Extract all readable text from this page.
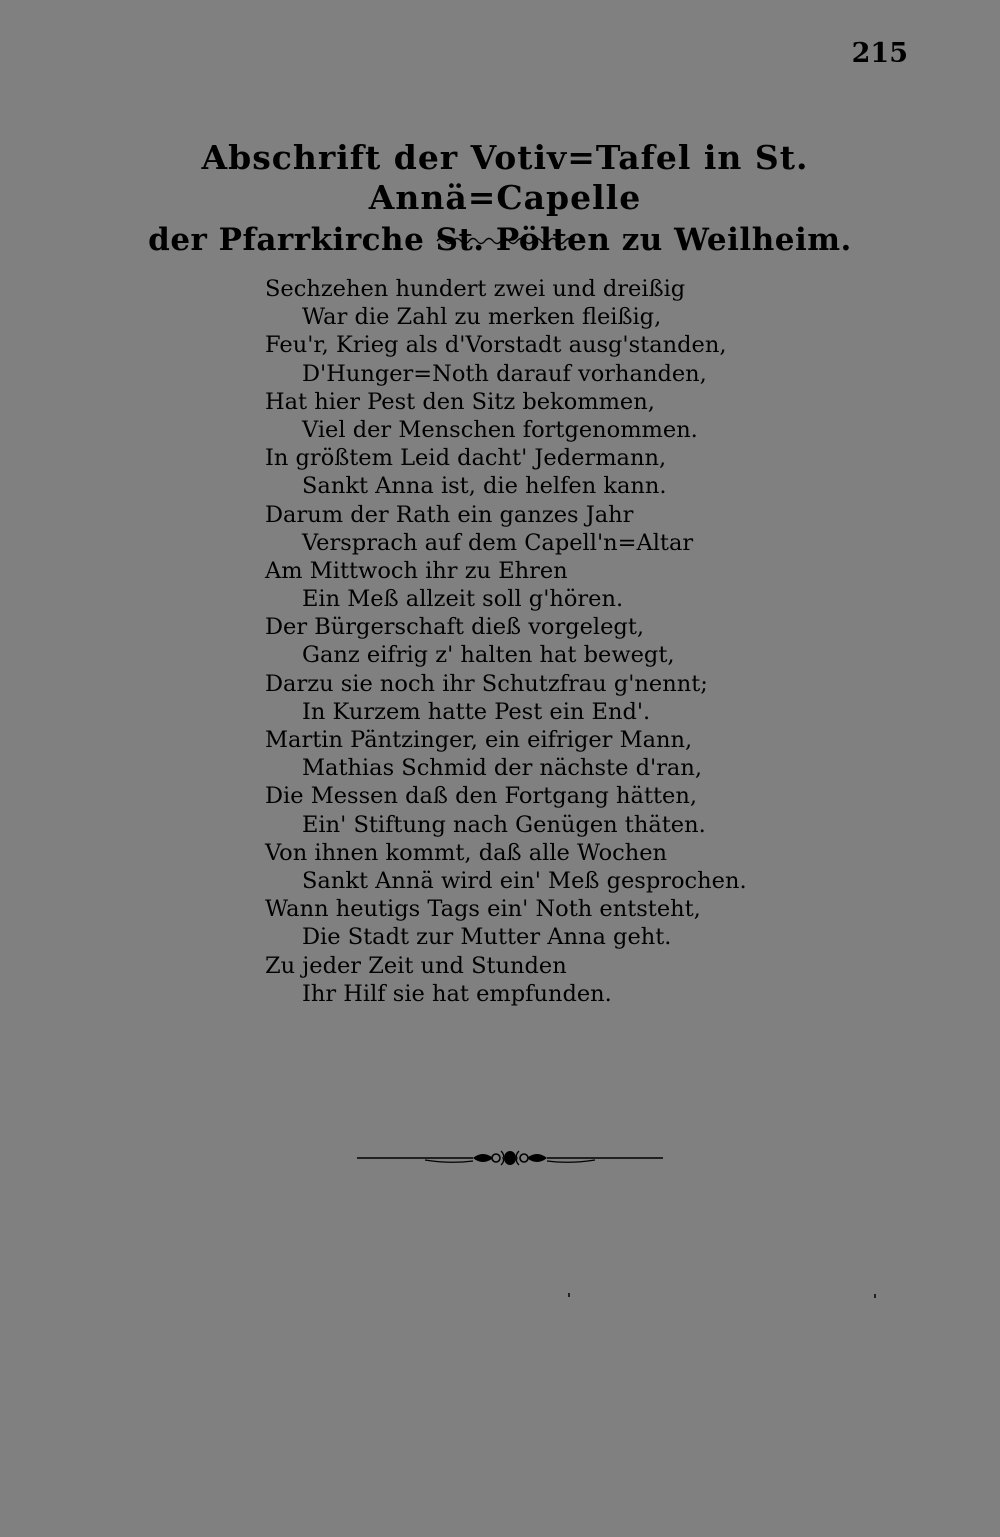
215
Abschrift der Votiv=Tafel in St. Annä=Capelle
der Pfarrkirche St. Pölten zu Weilheim.
Sechzehen hundert zwei und dreißig
War die Zahl zu merken fleißig,
Feu'r, Krieg als d'Vorstadt ausg'standen,
D'Hunger=Noth darauf vorhanden,
Hat hier Pest den Sitz bekommen,
Viel der Menschen fortgenommen.
In größtem Leid dacht' Jedermann,
Sankt Anna ist, die helfen kann.
Darum der Rath ein ganzes Jahr
Versprach auf dem Capell'n=Altar
Am Mittwoch ihr zu Ehren
Ein Meß allzeit soll g'hören.
Der Bürgerschaft dieß vorgelegt,
Ganz eifrig z' halten hat bewegt,
Darzu sie noch ihr Schutzfrau g'nennt;
In Kurzem hatte Pest ein End'.
Martin Päntzinger, ein eifriger Mann,
Mathias Schmid der nächste d'ran,
Die Messen daß den Fortgang hätten,
Ein' Stiftung nach Genügen thäten.
Von ihnen kommt, daß alle Wochen
Sankt Annä wird ein' Meß gesprochen.
Wann heutigs Tags ein' Noth entsteht,
Die Stadt zur Mutter Anna geht.
Zu jeder Zeit und Stunden
Ihr Hilf sie hat empfunden.
